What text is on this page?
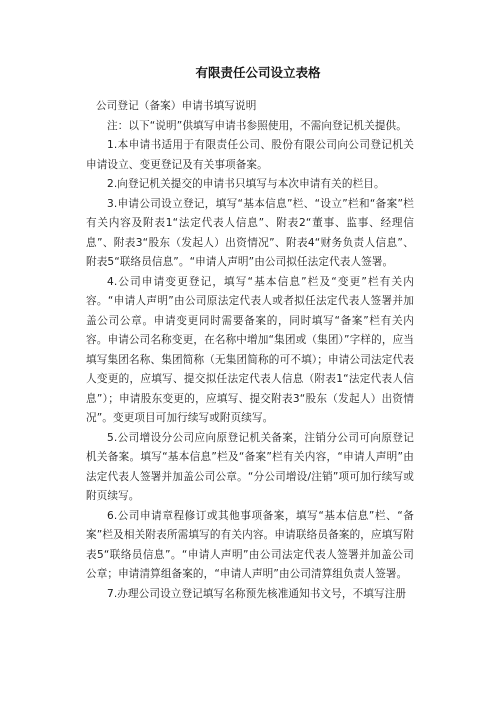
有限责任公司设立表格

公司登记（备案）申请书填写说明

注：以下“说明”供填写申请书参照使用，不需向登记机关提供。

1.本申请书适用于有限责任公司、股份有限公司向公司登记机关申请设立、变更登记及有关事项备案。

2.向登记机关提交的申请书只填写与本次申请有关的栏目。

3.申请公司设立登记，填写“基本信息”栏、“设立”栏和“备案”栏有关内容及附表1“法定代表人信息”、附表2“董事、监事、经理信息”、附表3“股东（发起人）出资情况”、附表4“财务负责人信息”、附表5“联络员信息”。“申请人声明”由公司拟任法定代表人签署。

4.公司申请变更登记，填写“基本信息”栏及“变更”栏有关内容。“申请人声明”由公司原法定代表人或者拟任法定代表人签署并加盖公司公章。申请变更同时需要备案的，同时填写“备案”栏有关内容。申请公司名称变更，在名称中增加“集团或（集团）”字样的，应当填写集团名称、集团简称（无集团简称的可不填）；申请公司法定代表人变更的，应填写、提交拟任法定代表人信息（附表1“法定代表人信息”）；申请股东变更的，应填写、提交附表3“股东（发起人）出资情况”。变更项目可加行续写或附页续写。

5.公司增设分公司应向原登记机关备案，注销分公司可向原登记机关备案。填写“基本信息”栏及“备案”栏有关内容，“申请人声明”由法定代表人签署并加盖公司公章。“分公司增设/注销”项可加行续写或附页续写。

6.公司申请章程修订或其他事项备案，填写“基本信息”栏、“备案”栏及相关附表所需填写的有关内容。申请联络员备案的，应填写附表5“联络员信息”。“申请人声明”由公司法定代表人签署并加盖公司公章；申请清算组备案的，“申请人声明”由公司清算组负责人签署。

7.办理公司设立登记填写名称预先核准通知书文号，不填写注册
